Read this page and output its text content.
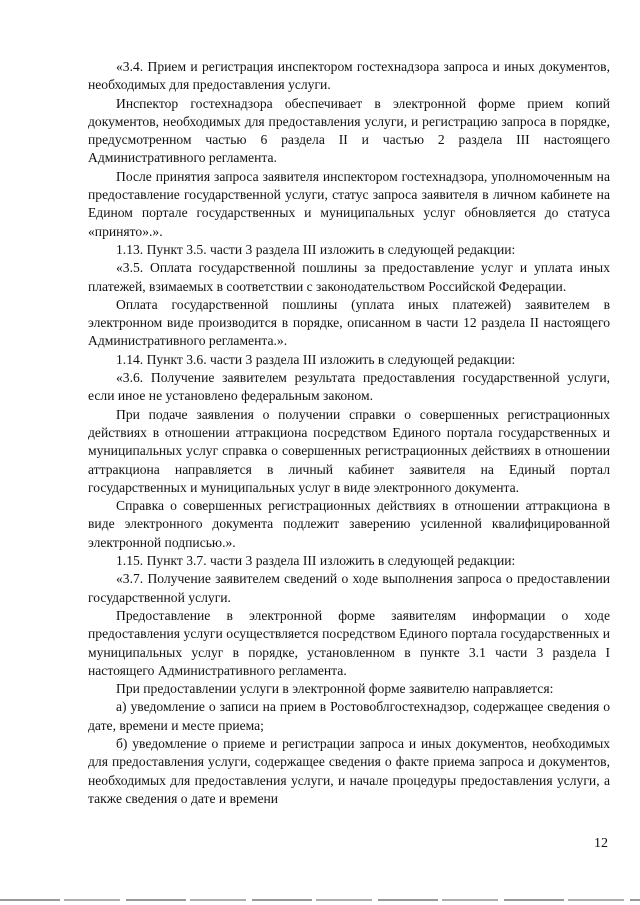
«3.4. Прием и регистрация инспектором гостехнадзора запроса и иных документов, необходимых для предоставления услуги.

Инспектор гостехнадзора обеспечивает в электронной форме прием копий документов, необходимых для предоставления услуги, и регистрацию запроса в порядке, предусмотренном частью 6 раздела II и частью 2 раздела III настоящего Административного регламента.

После принятия запроса заявителя инспектором гостехнадзора, уполномоченным на предоставление государственной услуги, статус запроса заявителя в личном кабинете на Едином портале государственных и муниципальных услуг обновляется до статуса «принято».».

1.13. Пункт 3.5. части 3 раздела III изложить в следующей редакции:

«3.5. Оплата государственной пошлины за предоставление услуг и уплата иных платежей, взимаемых в соответствии с законодательством Российской Федерации.

Оплата государственной пошлины (уплата иных платежей) заявителем в электронном виде производится в порядке, описанном в части 12 раздела II настоящего Административного регламента.».

1.14. Пункт 3.6. части 3 раздела III изложить в следующей редакции:

«3.6. Получение заявителем результата предоставления государственной услуги, если иное не установлено федеральным законом.

При подаче заявления о получении справки о совершенных регистрационных действиях в отношении аттракциона посредством Единого портала государственных и муниципальных услуг справка о совершенных регистрационных действиях в отношении аттракциона направляется в личный кабинет заявителя на Единый портал государственных и муниципальных услуг в виде электронного документа.

Справка о совершенных регистрационных действиях в отношении аттракциона в виде электронного документа подлежит заверению усиленной квалифицированной электронной подписью.».

1.15. Пункт 3.7. части 3 раздела III изложить в следующей редакции:

«3.7. Получение заявителем сведений о ходе выполнения запроса о предоставлении государственной услуги.

Предоставление в электронной форме заявителям информации о ходе предоставления услуги осуществляется посредством Единого портала государственных и муниципальных услуг в порядке, установленном в пункте 3.1 части 3 раздела I настоящего Административного регламента.

При предоставлении услуги в электронной форме заявителю направляется:

а) уведомление о записи на прием в Ростовоблгостехнадзор, содержащее сведения о дате, времени и месте приема;

б) уведомление о приеме и регистрации запроса и иных документов, необходимых для предоставления услуги, содержащее сведения о факте приема запроса и документов, необходимых для предоставления услуги, и начале процедуры предоставления услуги, а также сведения о дате и времени

12
